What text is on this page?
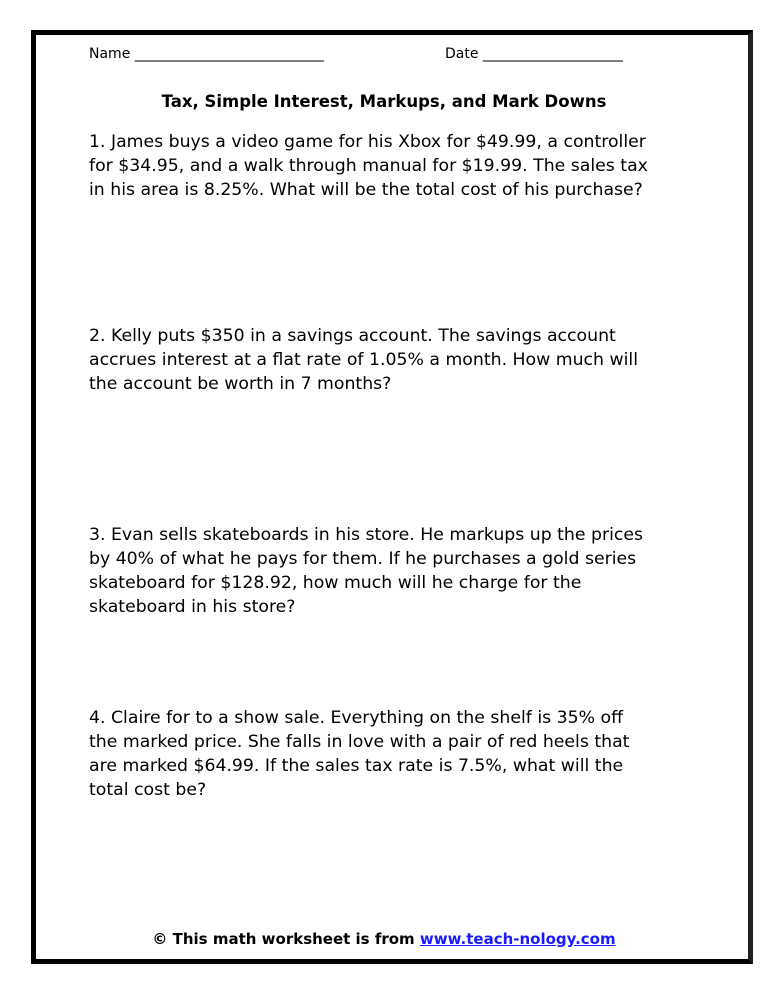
Name ___________________________	Date ____________________
Tax, Simple Interest, Markups, and Mark Downs
1. James buys a video game for his Xbox for $49.99, a controller
for $34.95, and a walk through manual for $19.99. The sales tax
in his area is 8.25%. What will be the total cost of his purchase?
2. Kelly puts $350 in a savings account. The savings account
accrues interest at a flat rate of 1.05% a month. How much will
the account be worth in 7 months?
3. Evan sells skateboards in his store. He markups up the prices
by 40% of what he pays for them. If he purchases a gold series
skateboard for $128.92, how much will he charge for the
skateboard in his store?
4. Claire for to a show sale. Everything on the shelf is 35% off
the marked price. She falls in love with a pair of red heels that
are marked $64.99. If the sales tax rate is 7.5%, what will the
total cost be?
© This math worksheet is from www.teach-nology.com
